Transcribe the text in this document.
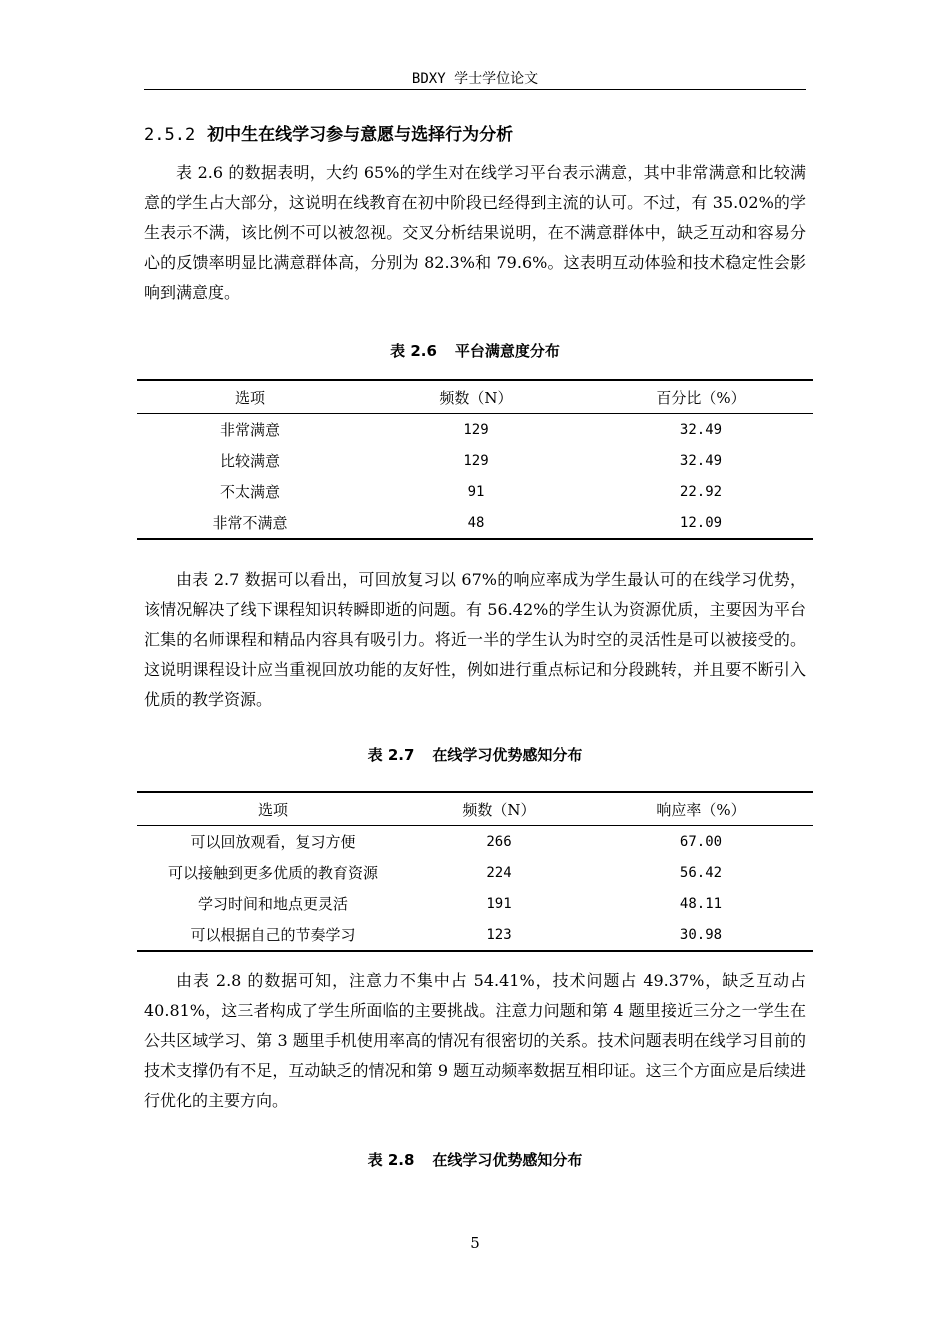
BDXY 学士学位论文
2.5.2 初中生在线学习参与意愿与选择行为分析
表 2.6 的数据表明，大约 65%的学生对在线学习平台表示满意，其中非常满意和比较满意的学生占大部分，这说明在线教育在初中阶段已经得到主流的认可。不过，有 35.02%的学生表示不满，该比例不可以被忽视。交叉分析结果说明，在不满意群体中，缺乏互动和容易分心的反馈率明显比满意群体高，分别为 82.3%和 79.6%。这表明互动体验和技术稳定性会影响到满意度。
表 2.6 平台满意度分布
选项	频数（N）	百分比（%）
非常满意	129	32.49
比较满意	129	32.49
不太满意	91	22.92
非常不满意	48	12.09
由表 2.7 数据可以看出，可回放复习以 67%的响应率成为学生最认可的在线学习优势，该情况解决了线下课程知识转瞬即逝的问题。有 56.42%的学生认为资源优质，主要因为平台汇集的名师课程和精品内容具有吸引力。将近一半的学生认为时空的灵活性是可以被接受的。这说明课程设计应当重视回放功能的友好性，例如进行重点标记和分段跳转，并且要不断引入优质的教学资源。
表 2.7 在线学习优势感知分布
选项	频数（N）	响应率（%）
可以回放观看，复习方便	266	67.00
可以接触到更多优质的教育资源	224	56.42
学习时间和地点更灵活	191	48.11
可以根据自己的节奏学习	123	30.98
由表 2.8 的数据可知，注意力不集中占 54.41%，技术问题占 49.37%，缺乏互动占 40.81%，这三者构成了学生所面临的主要挑战。注意力问题和第 4 题里接近三分之一学生在公共区域学习、第 3 题里手机使用率高的情况有很密切的关系。技术问题表明在线学习目前的技术支撑仍有不足，互动缺乏的情况和第 9 题互动频率数据互相印证。这三个方面应是后续进行优化的主要方向。
表 2.8 在线学习优势感知分布
5
